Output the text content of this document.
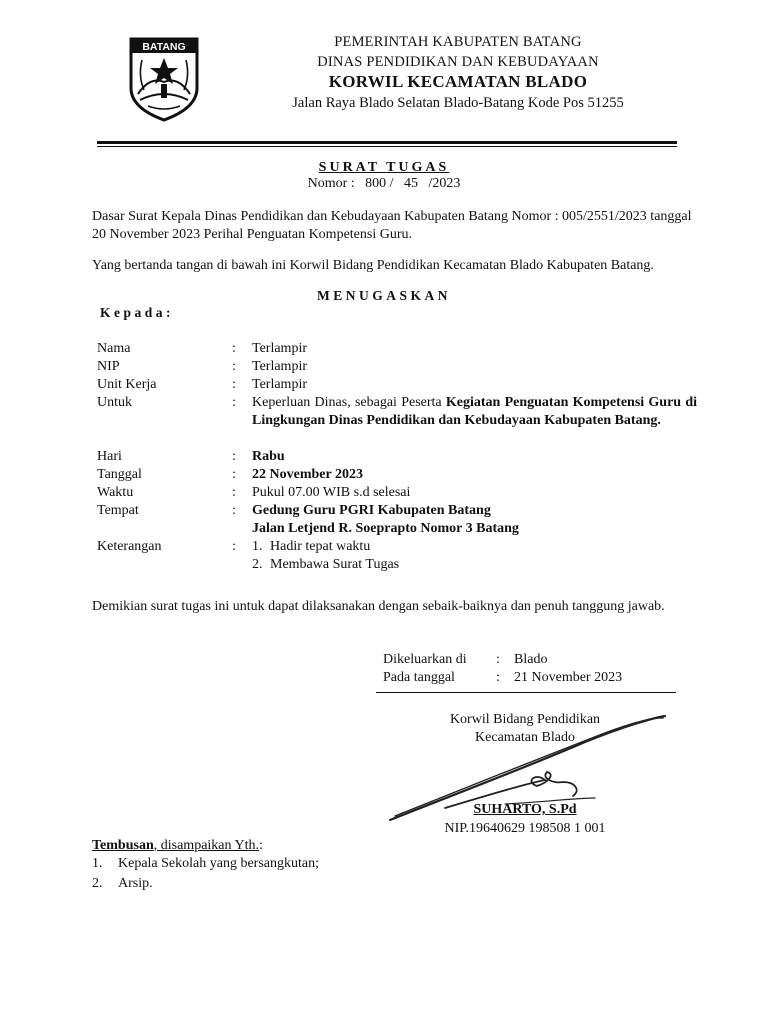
BATANG	PEMERINTAH KABUPATEN BATANG
DINAS PENDIDIKAN DAN KEBUDAYAAN
KORWIL KECAMATAN BLADO
Jalan Raya Blado Selatan Blado-Batang Kode Pos 51255
SURAT TUGAS
Nomor :   800 /   45   /2023
Dasar Surat Kepala Dinas Pendidikan dan Kebudayaan Kabupaten Batang Nomor : 005/2551/2023 tanggal 20 November 2023 Perihal Penguatan Kompetensi Guru.
Yang bertanda tangan di bawah ini Korwil Bidang Pendidikan Kecamatan Blado Kabupaten Batang.
MENUGASKAN
Kepada:
Nama	:	Terlampir
NIP	:	Terlampir
Unit Kerja	:	Terlampir
Untuk	:	Keperluan Dinas, sebagai Peserta Kegiatan Penguatan Kompetensi Guru di Lingkungan Dinas Pendidikan dan Kebudayaan Kabupaten Batang.
Hari	:	Rabu
Tanggal	:	22 November 2023
Waktu	:	Pukul 07.00 WIB s.d selesai
Tempat	:	Gedung Guru PGRI Kabupaten Batang
Jalan Letjend R. Soeprapto Nomor 3 Batang
Keterangan	:	1. Hadir tepat waktu
2. Membawa Surat Tugas
Demikian surat tugas ini untuk dapat dilaksanakan dengan sebaik-baiknya dan penuh tanggung jawab.
Dikeluarkan di	:	Blado
Pada tanggal	:	21 November 2023
Korwil Bidang Pendidikan
Kecamatan Blado
SUHARTO, S.Pd
NIP.19640629 198508 1 001
Tembusan, disampaikan Yth.:
1.	Kepala Sekolah yang bersangkutan;
2.	Arsip.
